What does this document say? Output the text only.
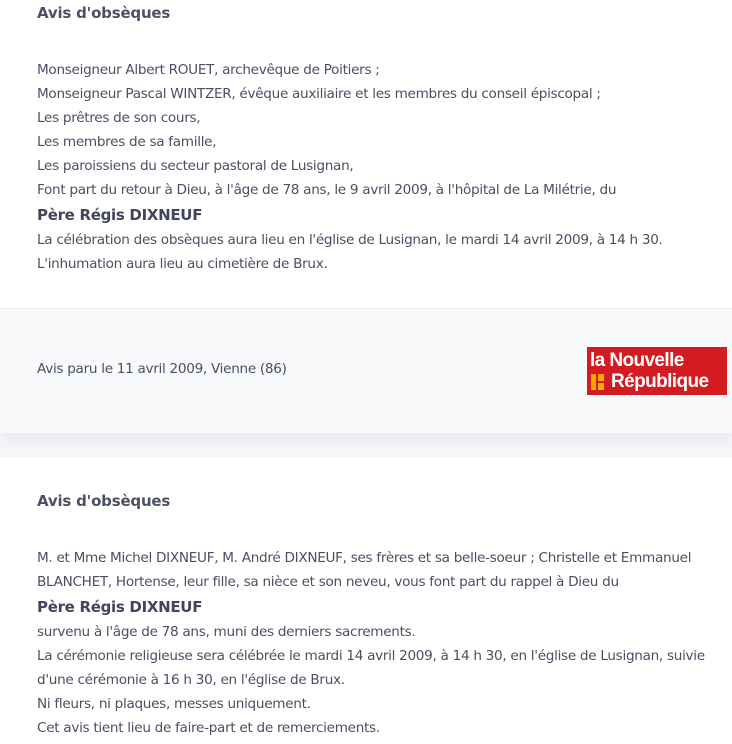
Avis d'obsèques

Monseigneur Albert ROUET, archevêque de Poitiers ;

Monseigneur Pascal WINTZER, évêque auxiliaire et les membres du conseil épiscopal ;

Les prêtres de son cours,

Les membres de sa famille,

Les paroissiens du secteur pastoral de Lusignan,

Font part du retour à Dieu, à l'âge de 78 ans, le 9 avril 2009, à l'hôpital de La Milétrie, du

Père Régis DIXNEUF

La célébration des obsèques aura lieu en l'église de Lusignan, le mardi 14 avril 2009, à 14 h 30.

L'inhumation aura lieu au cimetière de Brux.

Avis paru le 11 avril 2009, Vienne (86)	la Nouvelle
République
Avis d'obsèques

M. et Mme Michel DIXNEUF, M. André DIXNEUF, ses frères et sa belle-soeur ; Christelle et Emmanuel

BLANCHET, Hortense, leur fille, sa nièce et son neveu, vous font part du rappel à Dieu du

Père Régis DIXNEUF

survenu à l'âge de 78 ans, muni des derniers sacrements.

La cérémonie religieuse sera célébrée le mardi 14 avril 2009, à 14 h 30, en l'église de Lusignan, suivie

d'une cérémonie à 16 h 30, en l'église de Brux.

Ni fleurs, ni plaques, messes uniquement.

Cet avis tient lieu de faire-part et de remerciements.
